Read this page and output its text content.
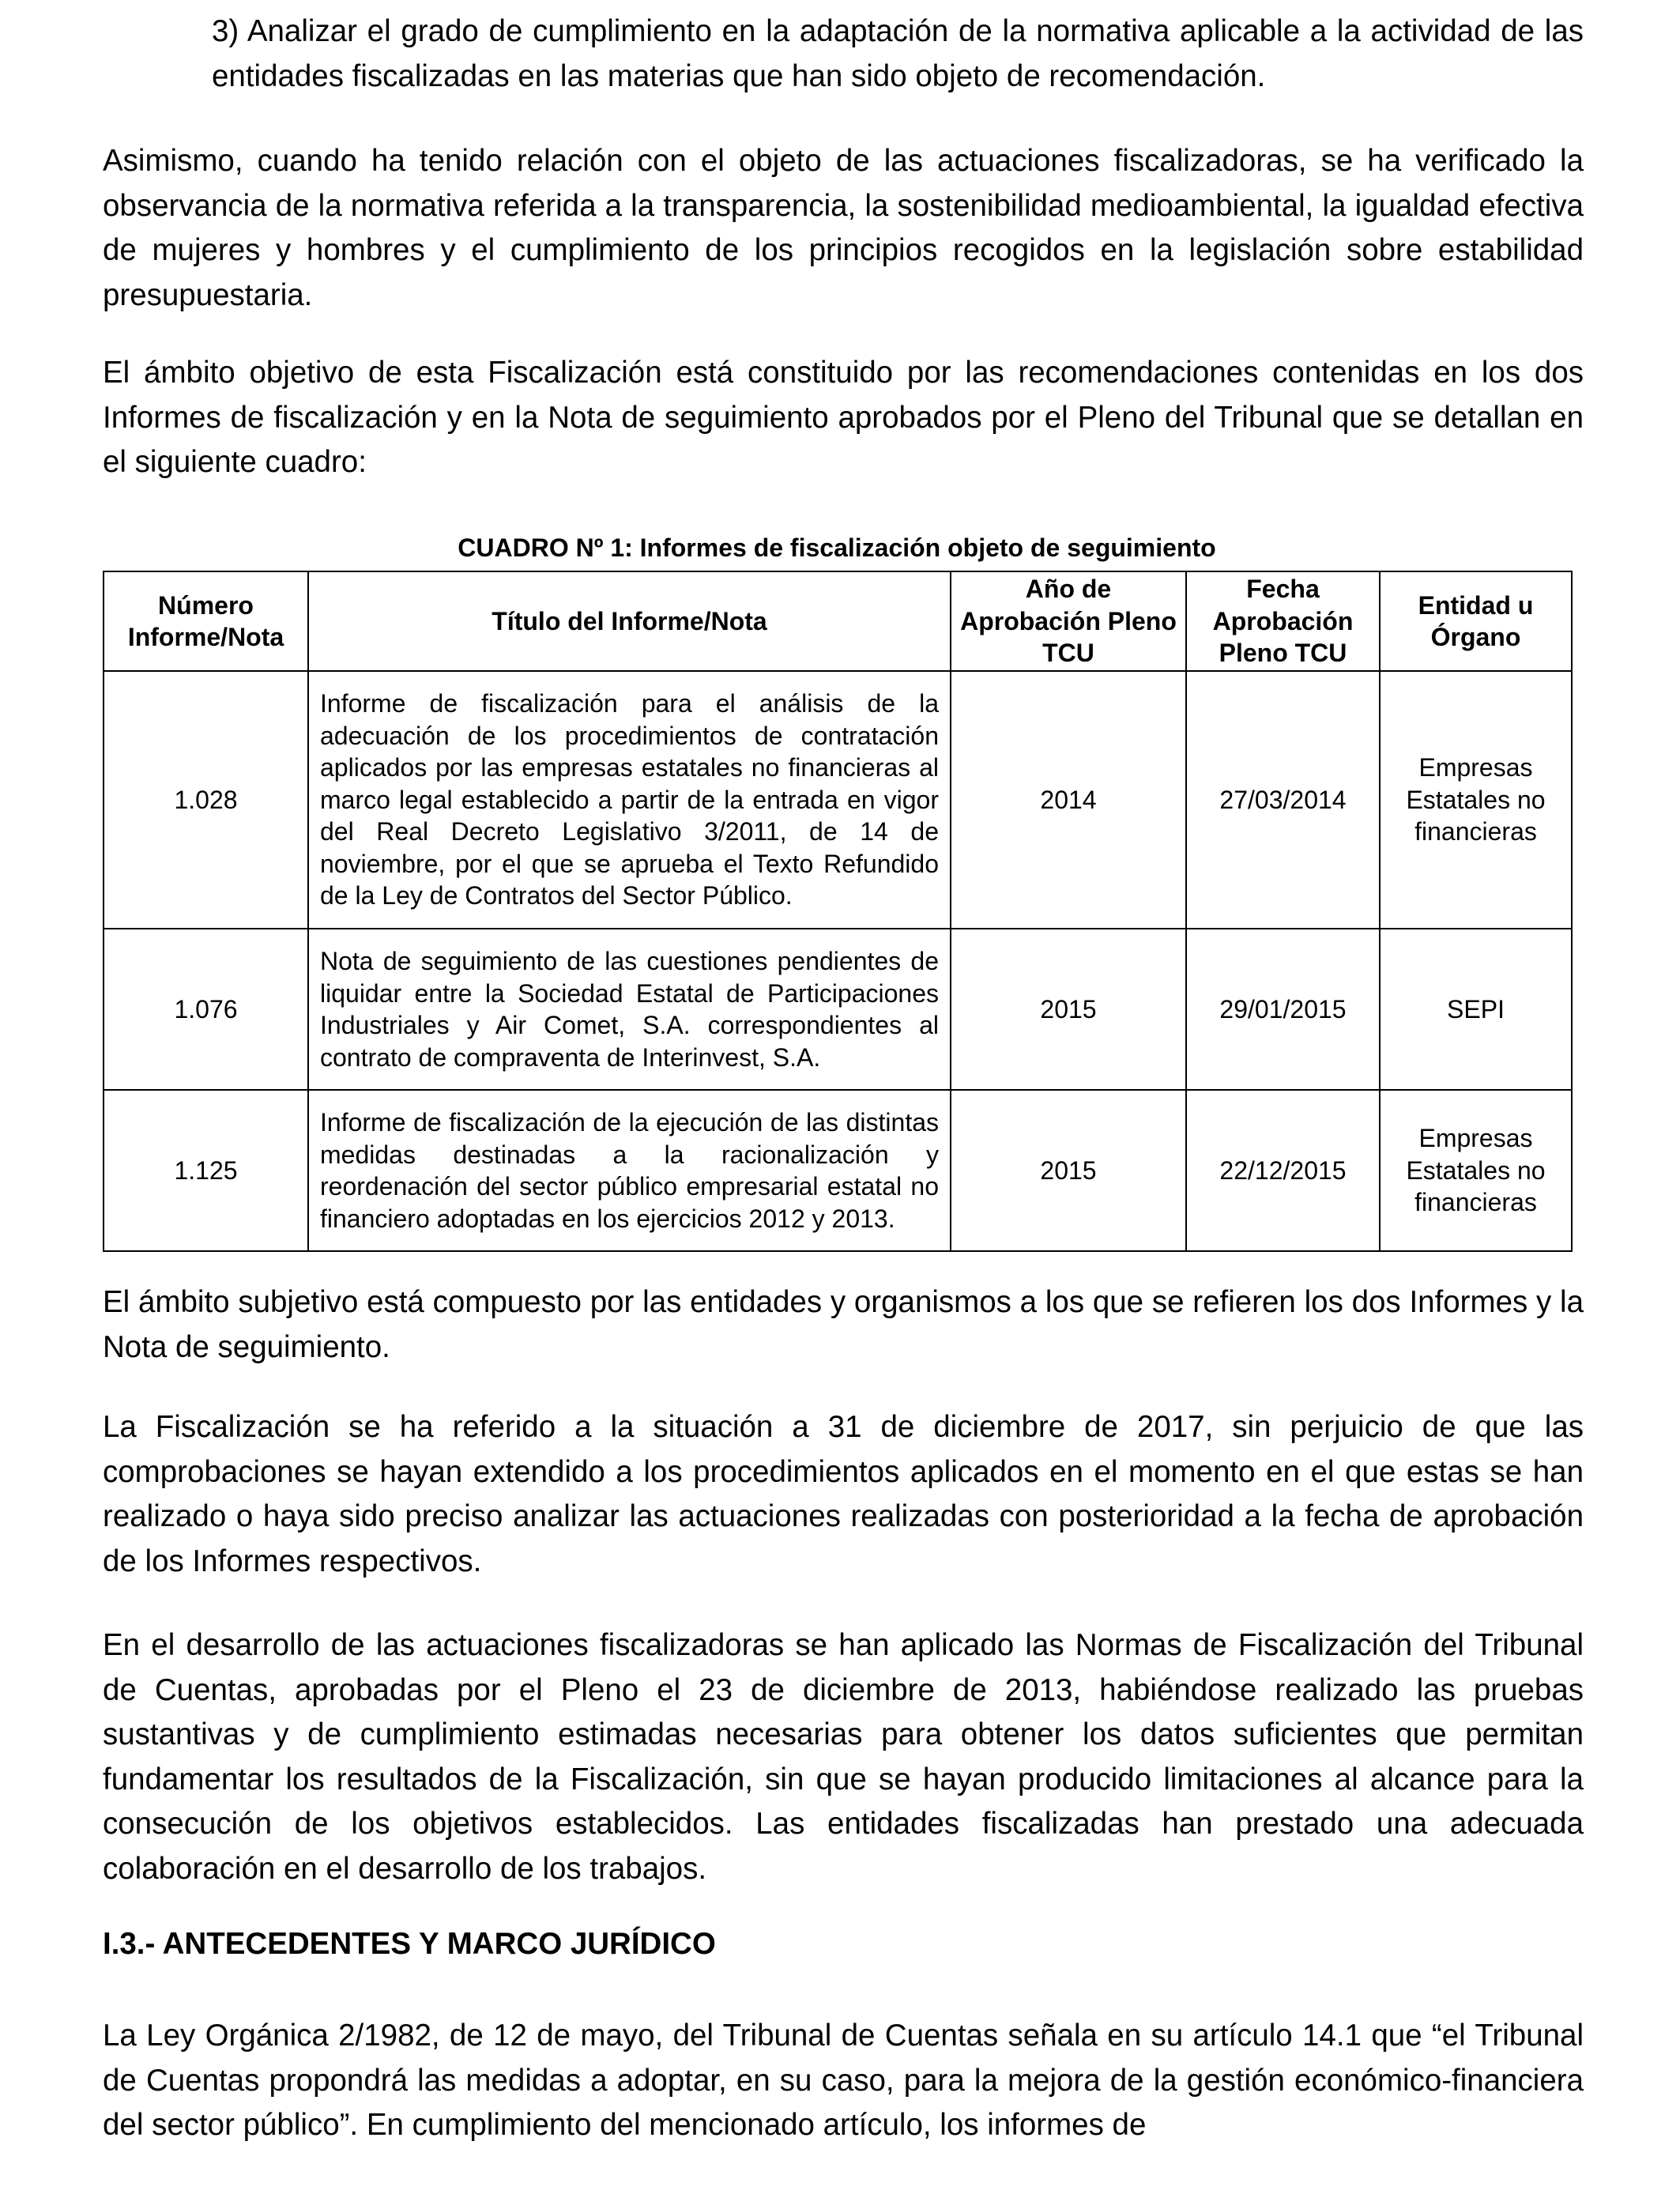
3) Analizar el grado de cumplimiento en la adaptación de la normativa aplicable a la actividad de las entidades fiscalizadas en las materias que han sido objeto de recomendación.

Asimismo, cuando ha tenido relación con el objeto de las actuaciones fiscalizadoras, se ha verificado la observancia de la normativa referida a la transparencia, la sostenibilidad medioambiental, la igualdad efectiva de mujeres y hombres y el cumplimiento de los principios recogidos en la legislación sobre estabilidad presupuestaria.

El ámbito objetivo de esta Fiscalización está constituido por las recomendaciones contenidas en los dos Informes de fiscalización y en la Nota de seguimiento aprobados por el Pleno del Tribunal que se detallan en el siguiente cuadro:

CUADRO Nº 1: Informes de fiscalización objeto de seguimiento

Número Informe/Nota	Título del Informe/Nota	Año de Aprobación Pleno TCU	Fecha Aprobación Pleno TCU	Entidad u Órgano
1.028	Informe de fiscalización para el análisis de la adecuación de los procedimientos de contratación aplicados por las empresas estatales no financieras al marco legal establecido a partir de la entrada en vigor del Real Decreto Legislativo 3/2011, de 14 de noviembre, por el que se aprueba el Texto Refundido de la Ley de Contratos del Sector Público.	2014	27/03/2014	Empresas Estatales no financieras
1.076	Nota de seguimiento de las cuestiones pendientes de liquidar entre la Sociedad Estatal de Participaciones Industriales y Air Comet, S.A. correspondientes al contrato de compraventa de Interinvest, S.A.	2015	29/01/2015	SEPI
1.125	Informe de fiscalización de la ejecución de las distintas medidas destinadas a la racionalización y reordenación del sector público empresarial estatal no financiero adoptadas en los ejercicios 2012 y 2013.	2015	22/12/2015	Empresas Estatales no financieras

El ámbito subjetivo está compuesto por las entidades y organismos a los que se refieren los dos Informes y la Nota de seguimiento.

La Fiscalización se ha referido a la situación a 31 de diciembre de 2017, sin perjuicio de que las comprobaciones se hayan extendido a los procedimientos aplicados en el momento en el que estas se han realizado o haya sido preciso analizar las actuaciones realizadas con posterioridad a la fecha de aprobación de los Informes respectivos.

En el desarrollo de las actuaciones fiscalizadoras se han aplicado las Normas de Fiscalización del Tribunal de Cuentas, aprobadas por el Pleno el 23 de diciembre de 2013, habiéndose realizado las pruebas sustantivas y de cumplimiento estimadas necesarias para obtener los datos suficientes que permitan fundamentar los resultados de la Fiscalización, sin que se hayan producido limitaciones al alcance para la consecución de los objetivos establecidos. Las entidades fiscalizadas han prestado una adecuada colaboración en el desarrollo de los trabajos.

I.3.- ANTECEDENTES Y MARCO JURÍDICO

La Ley Orgánica 2/1982, de 12 de mayo, del Tribunal de Cuentas señala en su artículo 14.1 que “el Tribunal de Cuentas propondrá las medidas a adoptar, en su caso, para la mejora de la gestión económico-financiera del sector público”. En cumplimiento del mencionado artículo, los informes de
